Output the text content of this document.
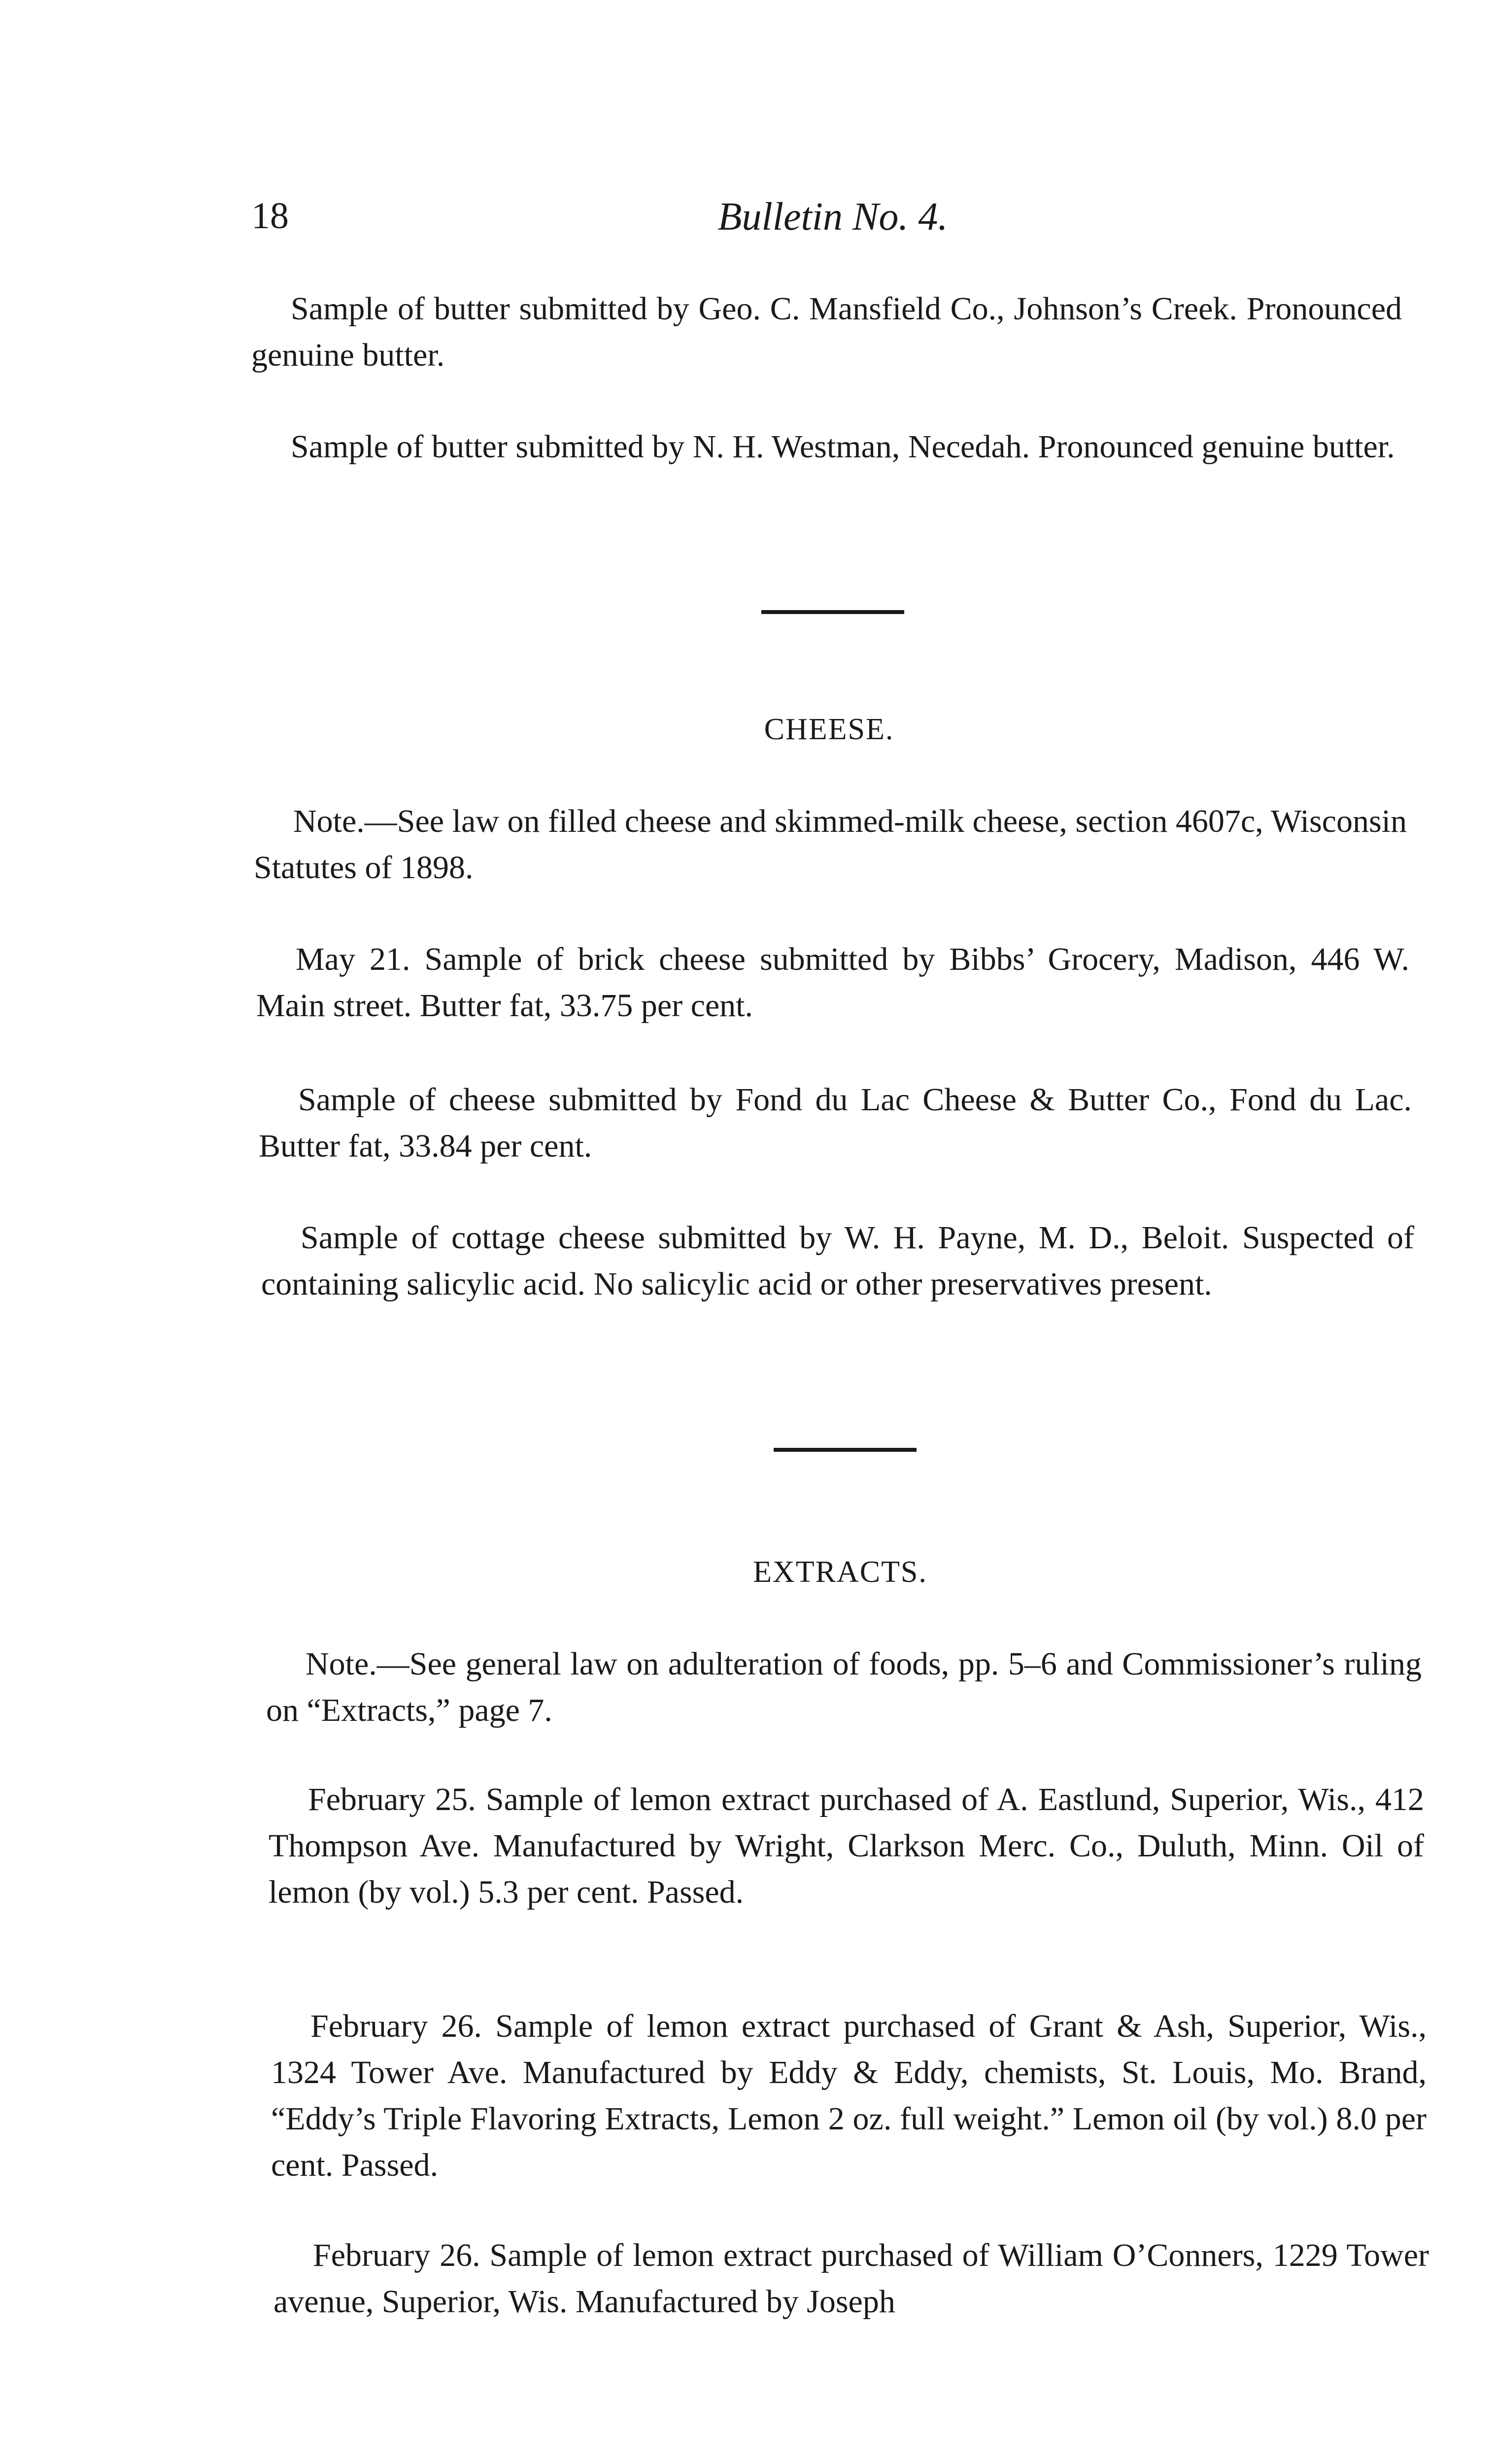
18	Bulletin No. 4.

Sample of butter submitted by Geo. C. Mansfield Co., Johnson’s Creek. Pronounced genuine butter.

Sample of butter submitted by N. H. Westman, Necedah. Pronounced genuine butter.

CHEESE.

Note.—See law on filled cheese and skimmed-milk cheese, section 4607c, Wisconsin Statutes of 1898.

May 21. Sample of brick cheese submitted by Bibbs’ Grocery, Madison, 446 W. Main street. Butter fat, 33.75 per cent.

Sample of cheese submitted by Fond du Lac Cheese & Butter Co., Fond du Lac. Butter fat, 33.84 per cent.

Sample of cottage cheese submitted by W. H. Payne, M. D., Beloit. Suspected of containing salicylic acid. No salicylic acid or other preservatives present.

EXTRACTS.

Note.—See general law on adulteration of foods, pp. 5–6 and Commissioner’s ruling on “Extracts,” page 7.

February 25. Sample of lemon extract purchased of A. Eastlund, Superior, Wis., 412 Thompson Ave. Manufactured by Wright, Clarkson Merc. Co., Duluth, Minn. Oil of lemon (by vol.) 5.3 per cent. Passed.

February 26. Sample of lemon extract purchased of Grant & Ash, Superior, Wis., 1324 Tower Ave. Manufactured by Eddy & Eddy, chemists, St. Louis, Mo. Brand, “Eddy’s Triple Flavoring Extracts, Lemon 2 oz. full weight.” Lemon oil (by vol.) 8.0 per cent. Passed.

February 26. Sample of lemon extract purchased of William O’Conners, 1229 Tower avenue, Superior, Wis. Manufactured by Joseph
